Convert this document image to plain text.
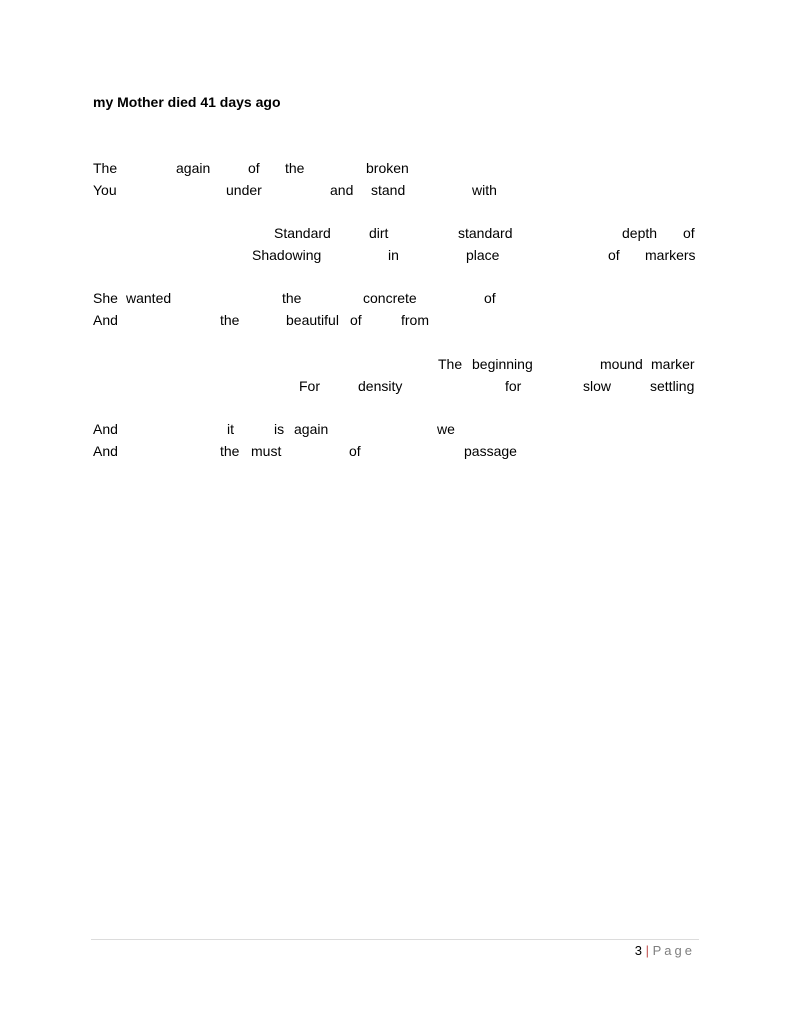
my Mother died 41 days ago
The	again	of the	broken
You	under	and stand	with
Standard	dirt	standard	depth of
Shadowing	in	place	of markers
She wanted	the	concrete	of
And	the	beautiful of	from
The beginning	mound marker
For	density	for	slow	settling
And	it	is again	we
And	the must	of	passage
3 | Page
